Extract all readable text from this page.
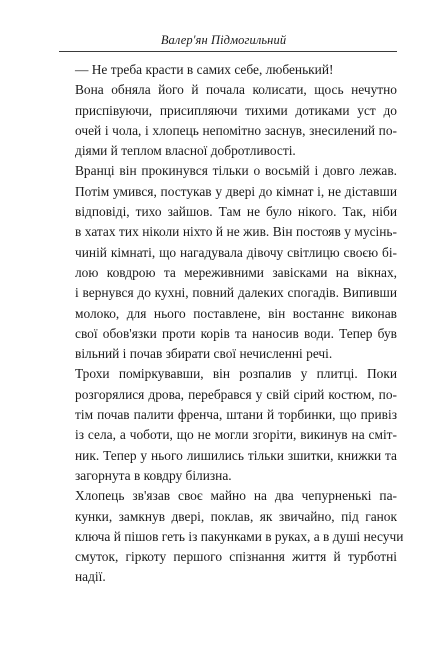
Валер'ян Підмогильний

— Не треба красти в самих себе, любенький!

Вона обняла його й почала колисати, щось нечутно
приспівуючи, присипляючи тихими дотиками уст до
очей і чола, і хлопець непомітно заснув, знесилений по-
діями й теплом власної добротливості.

Вранці він прокинувся тільки о восьмій і довго лежав.
Потім умився, постукав у двері до кімнат і, не діставши
відповіді, тихо зайшов. Там не було нікого. Так, ніби
в хатах тих ніколи ніхто й не жив. Він постояв у мусінь-
чиній кімнаті, що нагадувала дівочу світлицю своєю бі-
лою ковдрою та мереживними завісками на вікнах,
і вернувся до кухні, повний далеких спогадів. Випивши
молоко, для нього поставлене, він востаннє виконав
свої обов'язки проти корів та наносив води. Тепер був
вільний і почав збирати свої нечисленні речі.

Трохи поміркувавши, він розпалив у плитці. Поки
розгорялися дрова, перебрався у свій сірий костюм, по-
тім почав палити френча, штани й торбинки, що привіз
із села, а чоботи, що не могли згоріти, викинув на сміт-
ник. Тепер у нього лишились тільки зшитки, книжки та
загорнута в ковдру білизна.

Хлопець зв'язав своє майно на два чепурненькі па-
кунки, замкнув двері, поклав, як звичайно, під ганок
ключа й пішов геть із пакунками в руках, а в душі несучи
смуток, гіркоту першого спізнання життя й турботні
надії.
